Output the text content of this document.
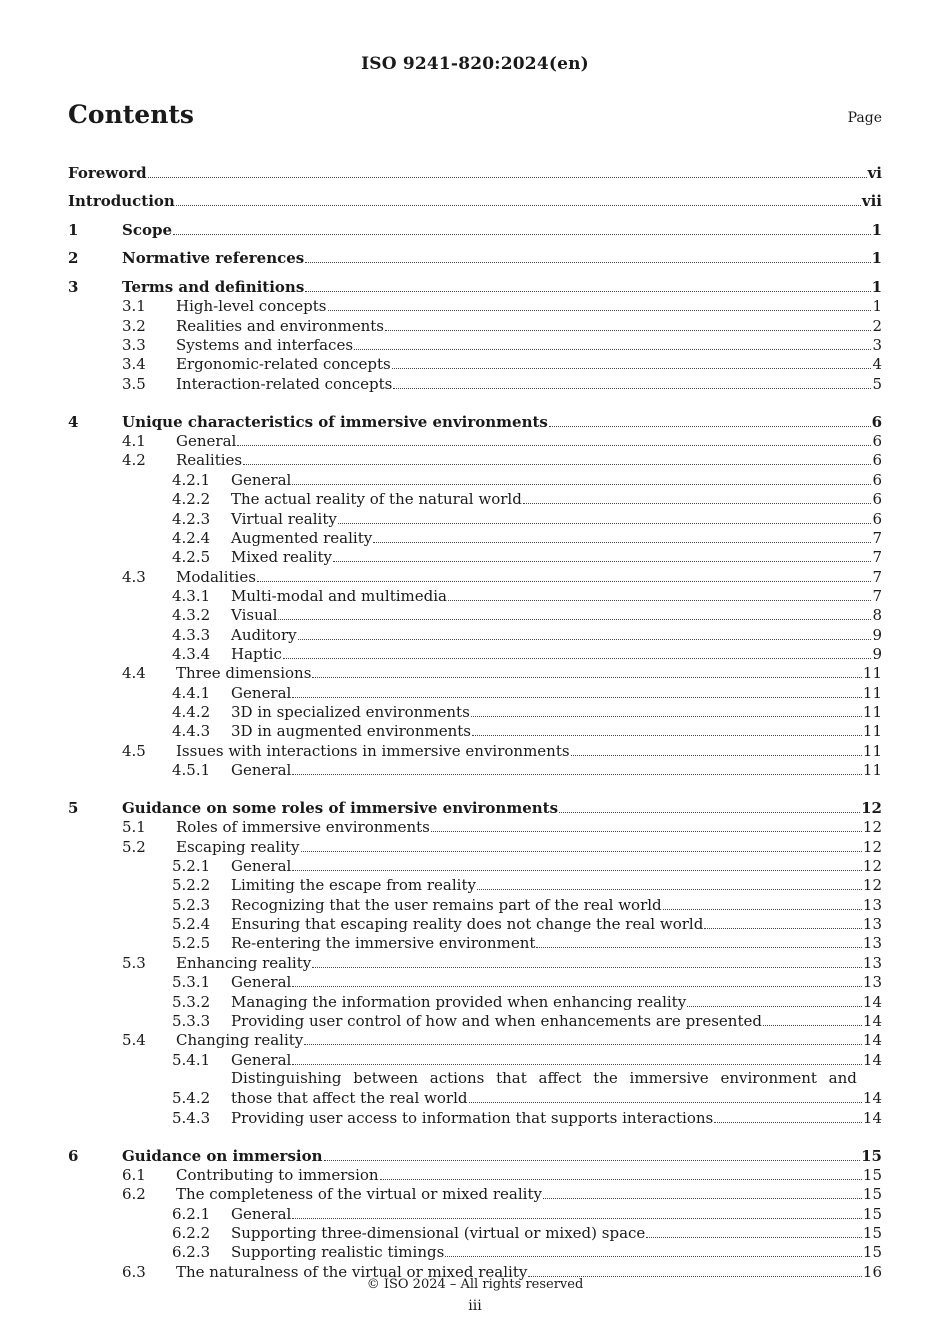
ISO 9241-820:2024(en)
Contents	Page
Foreword	vi
Introduction	vii
1	Scope	1
2	Normative references	1
3	Terms and definitions	1
3.1	High-level concepts	1
3.2	Realities and environments	2
3.3	Systems and interfaces	3
3.4	Ergonomic-related concepts	4
3.5	Interaction-related concepts	5
4	Unique characteristics of immersive environments	6
4.1	General	6
4.2	Realities	6
4.2.1	General	6
4.2.2	The actual reality of the natural world	6
4.2.3	Virtual reality	6
4.2.4	Augmented reality	7
4.2.5	Mixed reality	7
4.3	Modalities	7
4.3.1	Multi-modal and multimedia	7
4.3.2	Visual	8
4.3.3	Auditory	9
4.3.4	Haptic	9
4.4	Three dimensions	11
4.4.1	General	11
4.4.2	3D in specialized environments	11
4.4.3	3D in augmented environments	11
4.5	Issues with interactions in immersive environments	11
4.5.1	General	11
5	Guidance on some roles of immersive environments	12
5.1	Roles of immersive environments	12
5.2	Escaping reality	12
5.2.1	General	12
5.2.2	Limiting the escape from reality	12
5.2.3	Recognizing that the user remains part of the real world	13
5.2.4	Ensuring that escaping reality does not change the real world	13
5.2.5	Re-entering the immersive environment	13
5.3	Enhancing reality	13
5.3.1	General	13
5.3.2	Managing the information provided when enhancing reality	14
5.3.3	Providing user control of how and when enhancements are presented	14
5.4	Changing reality	14
5.4.1	General	14
5.4.2
Distinguishing between actions that affect the immersive environment and
those that affect the real world	14
5.4.3	Providing user access to information that supports interactions	14
6	Guidance on immersion	15
6.1	Contributing to immersion	15
6.2	The completeness of the virtual or mixed reality	15
6.2.1	General	15
6.2.2	Supporting three-dimensional (virtual or mixed) space	15
6.2.3	Supporting realistic timings	15
6.3	The naturalness of the virtual or mixed reality	16
© ISO 2024 – All rights reserved
iii
